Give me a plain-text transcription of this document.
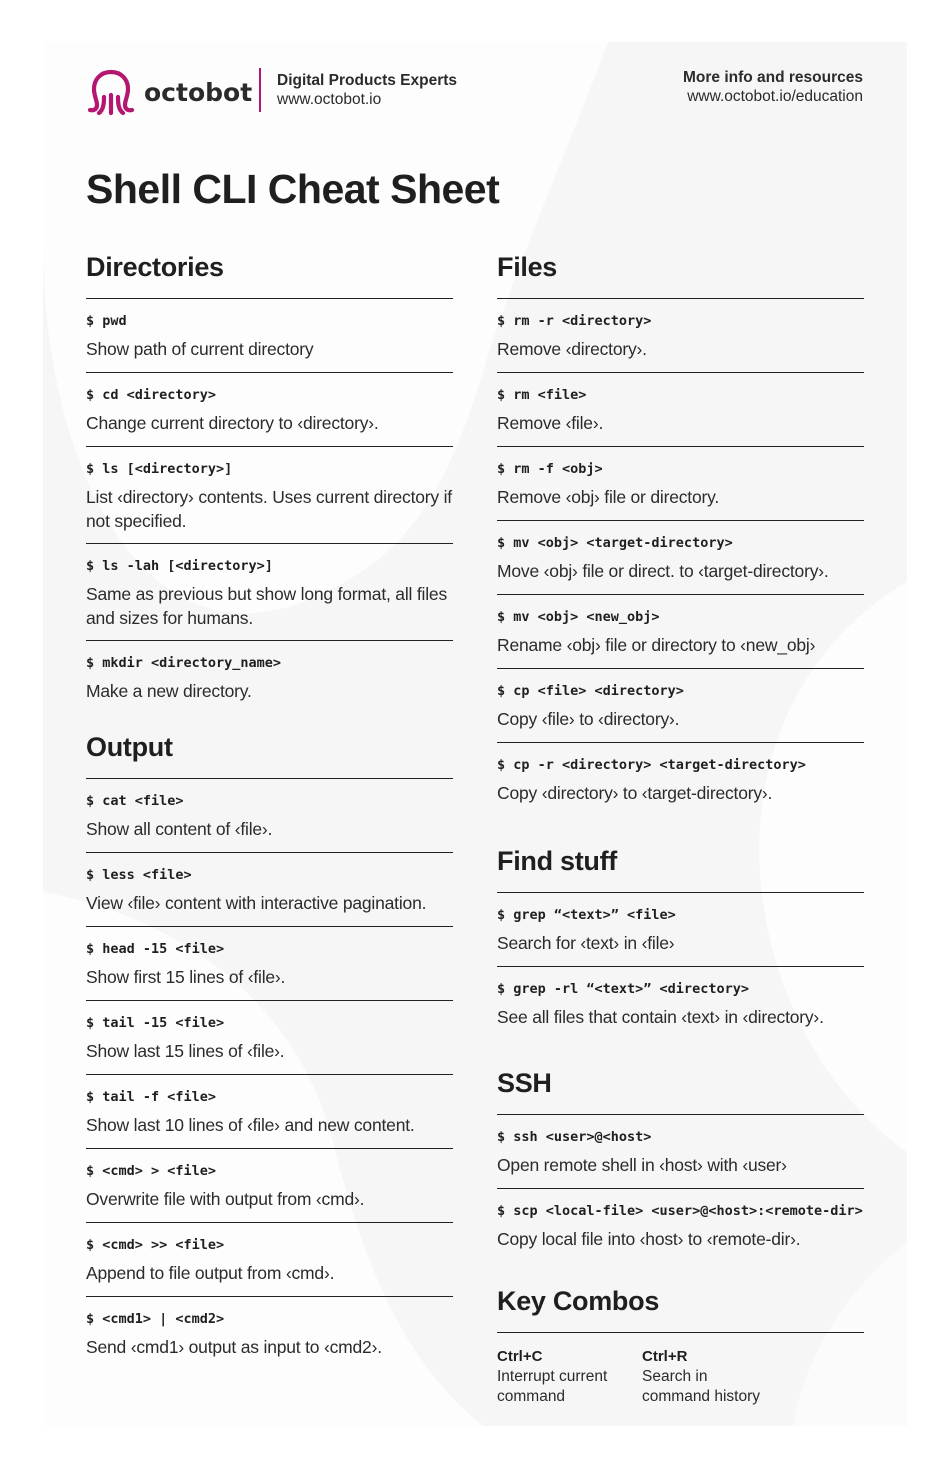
octobot Digital Products Experts
www.octobot.io
More info and resources
www.octobot.io/education
Shell CLI Cheat Sheet
Directories
$ pwd
Show path of current directory
$ cd <directory>
Change current directory to ‹directory›.
$ ls [<directory>]
List ‹directory› contents. Uses current directory if not specified.
$ ls -lah [<directory>]
Same as previous but show long format, all files and sizes for humans.
$ mkdir <directory_name>
Make a new directory.
Output
$ cat <file>
Show all content of ‹file›.
$ less <file>
View ‹file› content with interactive pagination.
$ head -15 <file>
Show first 15 lines of ‹file›.
$ tail -15 <file>
Show last 15 lines of ‹file›.
$ tail -f <file>
Show last 10 lines of ‹file› and new content.
$ <cmd> > <file>
Overwrite file with output from ‹cmd›.
$ <cmd> >> <file>
Append to file output from ‹cmd›.
$ <cmd1> | <cmd2>
Send ‹cmd1› output as input to ‹cmd2›.
Files
$ rm -r <directory>
Remove ‹directory›.
$ rm <file>
Remove ‹file›.
$ rm -f <obj>
Remove ‹obj› file or directory.
$ mv <obj> <target-directory>
Move ‹obj› file or direct. to ‹target-directory›.
$ mv <obj> <new_obj>
Rename ‹obj› file or directory to ‹new_obj›
$ cp <file> <directory>
Copy ‹file› to ‹directory›.
$ cp -r <directory> <target-directory>
Copy ‹directory› to ‹target-directory›.
Find stuff
$ grep “<text>” <file>
Search for ‹text› in ‹file›
$ grep -rl “<text>” <directory>
See all files that contain ‹text› in ‹directory›.
SSH
$ ssh <user>@<host>
Open remote shell in ‹host› with ‹user›
$ scp <local-file> <user>@<host>:<remote-dir>
Copy local file into ‹host› to ‹remote-dir›.
Key Combos
Ctrl+C
Interrupt current command
Ctrl+R
Search in command history
